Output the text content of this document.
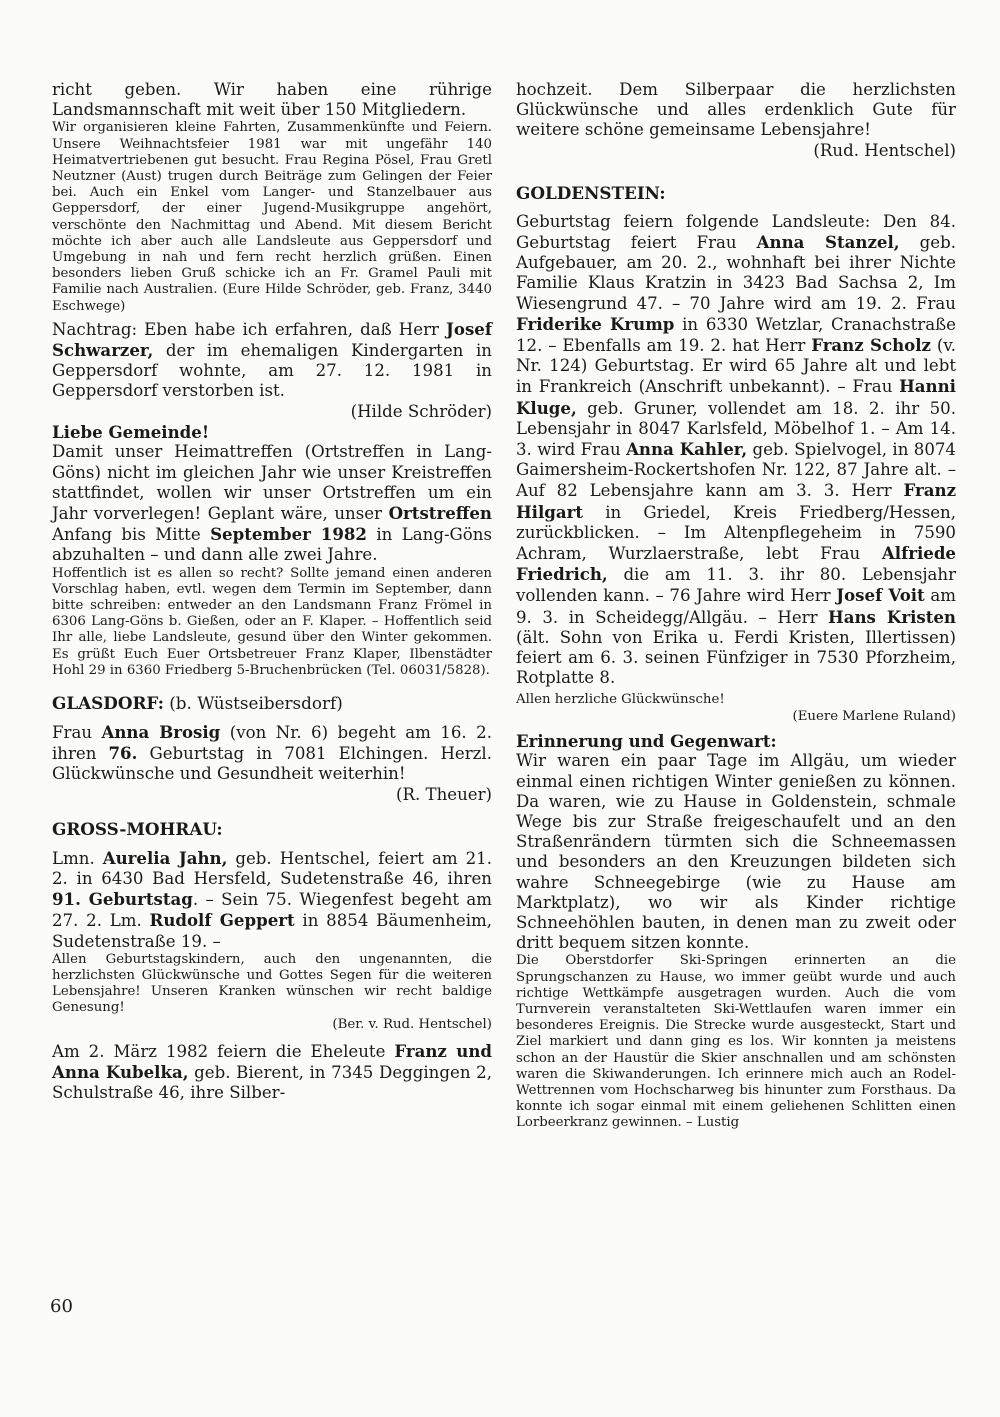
richt geben. Wir haben eine rührige Landsmannschaft mit weit über 150 Mitgliedern.

Wir organisieren kleine Fahrten, Zusammenkünfte und Feiern. Unsere Weihnachtsfeier 1981 war mit ungefähr 140 Heimatvertriebenen gut besucht. Frau Regina Pösel, Frau Gretl Neutzner (Aust) trugen durch Beiträge zum Gelingen der Feier bei. Auch ein Enkel vom Langer- und Stanzelbauer aus Geppersdorf, der einer Jugend-Musikgruppe angehört, verschönte den Nachmittag und Abend. Mit diesem Bericht möchte ich aber auch alle Landsleute aus Geppersdorf und Umgebung in nah und fern recht herzlich grüßen. Einen besonders lieben Gruß schicke ich an Fr. Gramel Pauli mit Familie nach Australien. (Eure Hilde Schröder, geb. Franz, 3440 Eschwege)

Nachtrag: Eben habe ich erfahren, daß Herr Josef Schwarzer, der im ehemaligen Kindergarten in Geppersdorf wohnte, am 27. 12. 1981 in Geppersdorf verstorben ist.

(Hilde Schröder)

Liebe Gemeinde!

Damit unser Heimattreffen (Ortstreffen in Lang-Göns) nicht im gleichen Jahr wie unser Kreistreffen stattfindet, wollen wir unser Ortstreffen um ein Jahr vorverlegen! Geplant wäre, unser Ortstreffen Anfang bis Mitte September 1982 in Lang-Göns abzuhalten – und dann alle zwei Jahre.

Hoffentlich ist es allen so recht? Sollte jemand einen anderen Vorschlag haben, evtl. wegen dem Termin im September, dann bitte schreiben: entweder an den Landsmann Franz Frömel in 6306 Lang-Göns b. Gießen, oder an F. Klaper. – Hoffentlich seid Ihr alle, liebe Landsleute, gesund über den Winter gekommen. Es grüßt Euch Euer Ortsbetreuer Franz Klaper, Ilbenstädter Hohl 29 in 6360 Friedberg 5-Bruchenbrücken (Tel. 06031/5828).

GLASDORF: (b. Wüstseibersdorf)

Frau Anna Brosig (von Nr. 6) begeht am 16. 2. ihren 76. Geburtstag in 7081 Elchingen. Herzl. Glückwünsche und Gesundheit weiterhin!

(R. Theuer)

GROSS-MOHRAU:

Lmn. Aurelia Jahn, geb. Hentschel, feiert am 21. 2. in 6430 Bad Hersfeld, Sudetenstraße 46, ihren 91. Geburtstag. – Sein 75. Wiegenfest begeht am 27. 2. Lm. Rudolf Geppert in 8854 Bäumenheim, Sudetenstraße 19. –

Allen Geburtstagskindern, auch den ungenannten, die herzlichsten Glückwünsche und Gottes Segen für die weiteren Lebensjahre! Unseren Kranken wünschen wir recht baldige Genesung!

(Ber. v. Rud. Hentschel)

Am 2. März 1982 feiern die Eheleute Franz und Anna Kubelka, geb. Bierent, in 7345 Deggingen 2, Schulstraße 46, ihre Silber-

hochzeit. Dem Silberpaar die herzlichsten Glückwünsche und alles erdenklich Gute für weitere schöne gemeinsame Lebensjahre!

(Rud. Hentschel)

GOLDENSTEIN:

Geburtstag feiern folgende Landsleute: Den 84. Geburtstag feiert Frau Anna Stanzel, geb. Aufgebauer, am 20. 2., wohnhaft bei ihrer Nichte Familie Klaus Kratzin in 3423 Bad Sachsa 2, Im Wiesengrund 47. – 70 Jahre wird am 19. 2. Frau Friderike Krump in 6330 Wetzlar, Cranachstraße 12. – Ebenfalls am 19. 2. hat Herr Franz Scholz (v. Nr. 124) Geburtstag. Er wird 65 Jahre alt und lebt in Frankreich (Anschrift unbekannt). – Frau Hanni Kluge, geb. Gruner, vollendet am 18. 2. ihr 50. Lebensjahr in 8047 Karlsfeld, Möbelhof 1. – Am 14. 3. wird Frau Anna Kahler, geb. Spielvogel, in 8074 Gaimersheim-Rockertshofen Nr. 122, 87 Jahre alt. – Auf 82 Lebensjahre kann am 3. 3. Herr Franz Hilgart in Griedel, Kreis Friedberg/Hessen, zurückblicken. – Im Altenpflegeheim in 7590 Achram, Wurzlaerstraße, lebt Frau Alfriede Friedrich, die am 11. 3. ihr 80. Lebensjahr vollenden kann. – 76 Jahre wird Herr Josef Voit am 9. 3. in Scheidegg/Allgäu. – Herr Hans Kristen (ält. Sohn von Erika u. Ferdi Kristen, Illertissen) feiert am 6. 3. seinen Fünfziger in 7530 Pforzheim, Rotplatte 8.

Allen herzliche Glückwünsche!

(Euere Marlene Ruland)

Erinnerung und Gegenwart:

Wir waren ein paar Tage im Allgäu, um wieder einmal einen richtigen Winter genießen zu können. Da waren, wie zu Hause in Goldenstein, schmale Wege bis zur Straße freigeschaufelt und an den Straßenrändern türmten sich die Schneemassen und besonders an den Kreuzungen bildeten sich wahre Schneegebirge (wie zu Hause am Marktplatz), wo wir als Kinder richtige Schneehöhlen bauten, in denen man zu zweit oder dritt bequem sitzen konnte.

Die Oberstdorfer Ski-Springen erinnerten an die Sprungschanzen zu Hause, wo immer geübt wurde und auch richtige Wettkämpfe ausgetragen wurden. Auch die vom Turnverein veranstalteten Ski-Wettlaufen waren immer ein besonderes Ereignis. Die Strecke wurde ausgesteckt, Start und Ziel markiert und dann ging es los. Wir konnten ja meistens schon an der Haustür die Skier anschnallen und am schönsten waren die Skiwanderungen. Ich erinnere mich auch an Rodel-Wettrennen vom Hochscharweg bis hinunter zum Forsthaus. Da konnte ich sogar einmal mit einem geliehenen Schlitten einen Lorbeerkranz gewinnen. – Lustig

60
